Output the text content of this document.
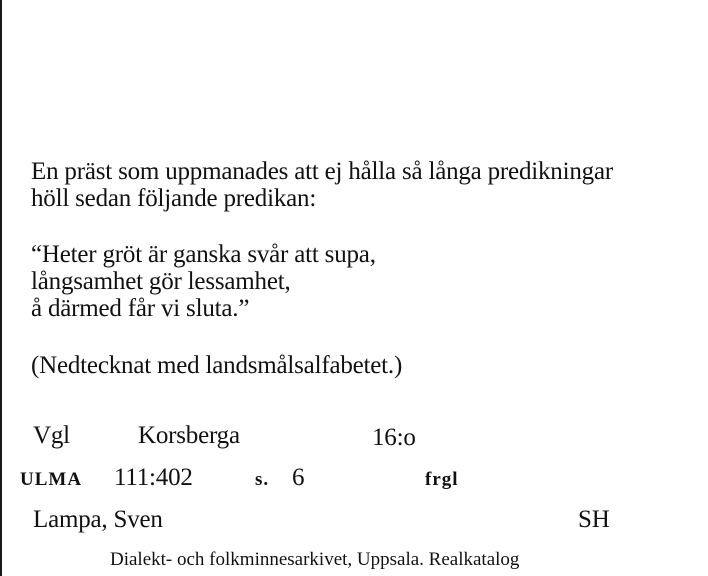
En präst som uppmanades att ej hålla så långa predikningar
höll sedan följande predikan:
“Heter gröt är ganska svår att supa,
långsamhet gör lessamhet,
å därmed får vi sluta.”
(Nedtecknat med landsmålsalfabetet.)
Vgl	Korsberga	16:o
ULMA 111:402	s. 6	frgl
Lampa, Sven	SH
Dialekt- och folkminnesarkivet, Uppsala. Realkatalog
